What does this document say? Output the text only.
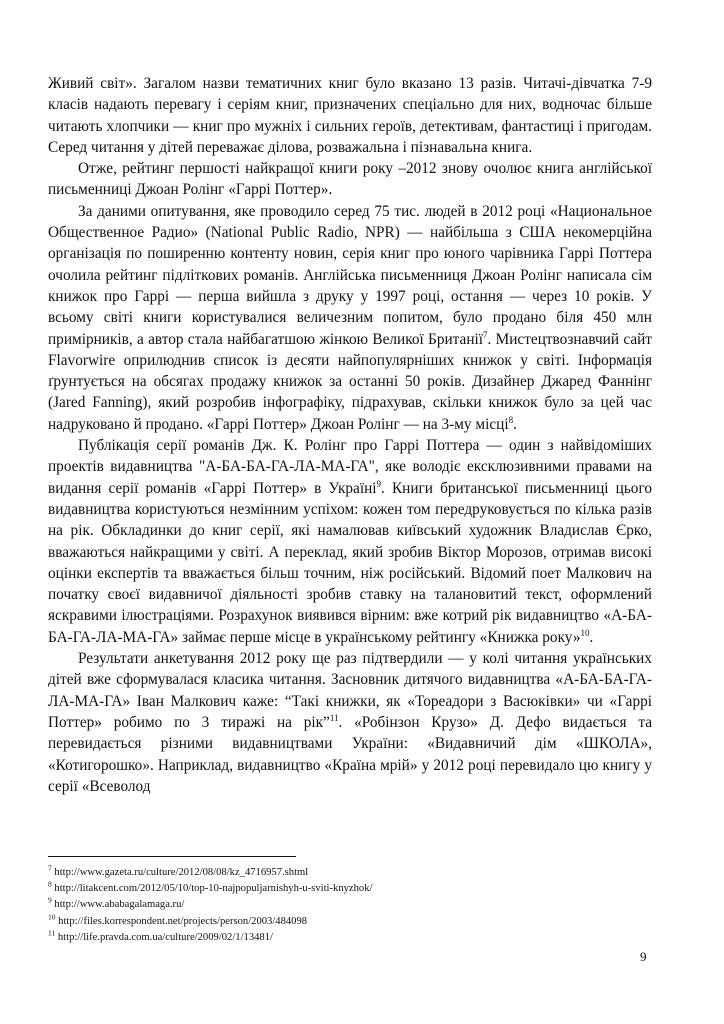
Живий світ». Загалом назви тематичних книг було вказано 13 разів. Читачі-дівчатка 7-9 класів надають перевагу і серіям книг, призначених спеціально для них, водночас більше читають хлопчики — книг про мужніх і сильних героїв, детективам, фантастиці і пригодам. Серед читання у дітей переважає ділова, розважальна і пізнавальна книга.

Отже, рейтинг першості найкращої книги року –2012 знову очолює книга англійської письменниці Джоан Ролінг «Гаррі Поттер».

За даними опитування, яке проводило серед 75 тис. людей в 2012 році «Национальное Общественное Радио» (National Public Radio, NPR) — найбільша з США некомерційна організація по поширенню контенту новин, серія книг про юного чарівника Гаррі Поттера очолила рейтинг підліткових романів. Англійська письменниця Джоан Ролінг написала сім книжок про Гаррі — перша вийшла з друку у 1997 році, остання — через 10 років. У всьому світі книги користувалися величезним попитом, було продано біля 450 млн примірників, а автор стала найбагатшою жінкою Великої Британії$^7$. Мистецтвознавчий сайт Flavorwire оприлюднив список із десяти найпопулярніших книжок у світі. Інформація ґрунтується на обсягах продажу книжок за останні 50 років. Дизайнер Джаред Фаннінг (Jared Fanning), який розробив інфографіку, підрахував, скільки книжок було за цей час надруковано й продано. «Гаррі Поттер» Джоан Ролінг — на 3-му місці$^8$.

Публікація серії романів Дж. К. Ролінг про Гаррі Поттера — один з найвідоміших проектів видавництва "А-БА-БА-ГА-ЛА-МА-ГА", яке володіє ексклюзивними правами на видання серії романів «Гаррі Поттер» в Україні$^9$. Книги британської письменниці цього видавництва користуються незмінним успіхом: кожен том передруковується по кілька разів на рік. Обкладинки до книг серії, які намалював київський художник Владислав Єрко, вважаються найкращими у світі. А переклад, який зробив Віктор Морозов, отримав високі оцінки експертів та вважається більш точним, ніж російський. Відомий поет Малкович на початку своєї видавничої діяльності зробив ставку на талановитий текст, оформлений яскравими ілюстраціями. Розрахунок виявився вірним: вже котрий рік видавництво «А-БА-БА-ГА-ЛА-МА-ГА» займає перше місце в українському рейтингу «Книжка року»$^{10}$.

Результати анкетування 2012 року ще раз підтвердили — у колі читання українських дітей вже сформувалася класика читання. Засновник дитячого видавництва «А-БА-БА-ГА-ЛА-МА-ГА» Іван Малкович каже: “Такі книжки, як «Тореадори з Васюківки» чи «Гаррі Поттер» робимо по 3 тиражі на рік”$^{11}$. «Робінзон Крузо» Д. Дефо видається та перевидається різними видавництвами України: «Видавничий дім «ШКОЛА», «Котигорошко». Наприклад, видавництво «Країна мрій» у 2012 році перевидало цю книгу у серії «Всеволод

$^7$ http://www.gazeta.ru/culture/2012/08/08/kz_4716957.shtml
$^8$ http://litakcent.com/2012/05/10/top-10-najpopuljarnishyh-u-sviti-knyzhok/
$^9$ http://www.ababagalamaga.ru/
$^{10}$ http://files.korrespondent.net/projects/person/2003/484098
$^{11}$ http://life.pravda.com.ua/culture/2009/02/1/13481/
9
